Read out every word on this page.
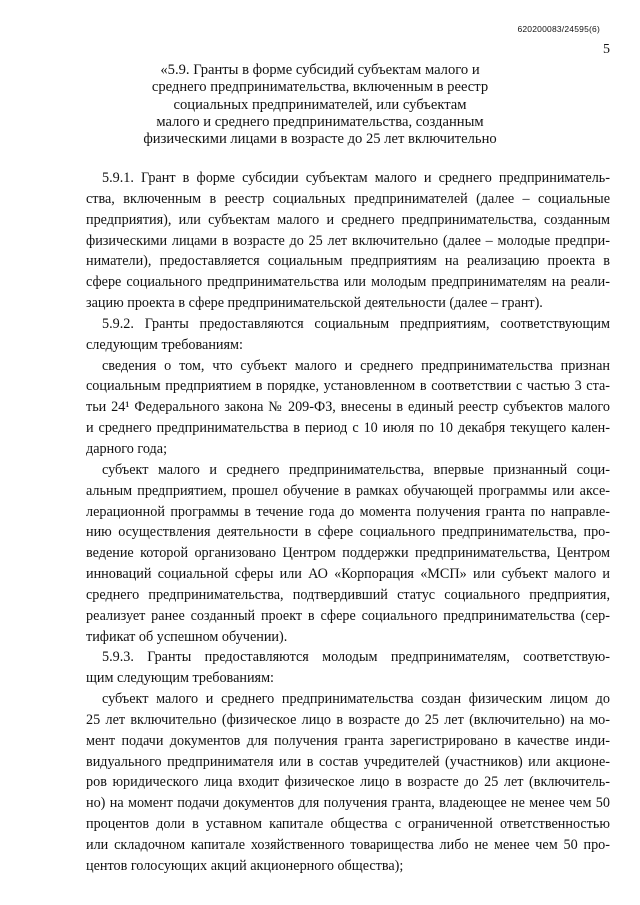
620200083/24595(6)
5
«5.9. Гранты в форме субсидий субъектам малого и
среднего предпринимательства, включенным в реестр
социальных предпринимателей, или субъектам
малого и среднего предпринимательства, созданным
физическими лицами в возрасте до 25 лет включительно
5.9.1. Грант в форме субсидии субъектам малого и среднего предприниматель-
ства, включенным в реестр социальных предпринимателей (далее – социальные
предприятия), или субъектам малого и среднего предпринимательства, созданным
физическими лицами в возрасте до 25 лет включительно (далее – молодые предпри-
ниматели), предоставляется социальным предприятиям на реализацию проекта в
сфере социального предпринимательства или молодым предпринимателям на реали-
зацию проекта в сфере предпринимательской деятельности (далее – грант).
5.9.2. Гранты предоставляются социальным предприятиям, соответствующим
следующим требованиям:
сведения о том, что субъект малого и среднего предпринимательства признан
социальным предприятием в порядке, установленном в соответствии с частью 3 ста-
тьи 24¹ Федерального закона № 209-ФЗ, внесены в единый реестр субъектов малого
и среднего предпринимательства в период с 10 июля по 10 декабря текущего кален-
дарного года;
субъект малого и среднего предпринимательства, впервые признанный соци-
альным предприятием, прошел обучение в рамках обучающей программы или аксе-
лерационной программы в течение года до момента получения гранта по направле-
нию осуществления деятельности в сфере социального предпринимательства, про-
ведение которой организовано Центром поддержки предпринимательства, Центром
инноваций социальной сферы или АО «Корпорация «МСП» или субъект малого и
среднего предпринимательства, подтвердивший статус социального предприятия,
реализует ранее созданный проект в сфере социального предпринимательства (сер-
тификат об успешном обучении).
5.9.3. Гранты предоставляются молодым предпринимателям, соответствую-
щим следующим требованиям:
субъект малого и среднего предпринимательства создан физическим лицом до
25 лет включительно (физическое лицо в возрасте до 25 лет (включительно) на мо-
мент подачи документов для получения гранта зарегистрировано в качестве инди-
видуального предпринимателя или в состав учредителей (участников) или акционе-
ров юридического лица входит физическое лицо в возрасте до 25 лет (включитель-
но) на момент подачи документов для получения гранта, владеющее не менее чем 50
процентов доли в уставном капитале общества с ограниченной ответственностью
или складочном капитале хозяйственного товарищества либо не менее чем 50 про-
центов голосующих акций акционерного общества);
